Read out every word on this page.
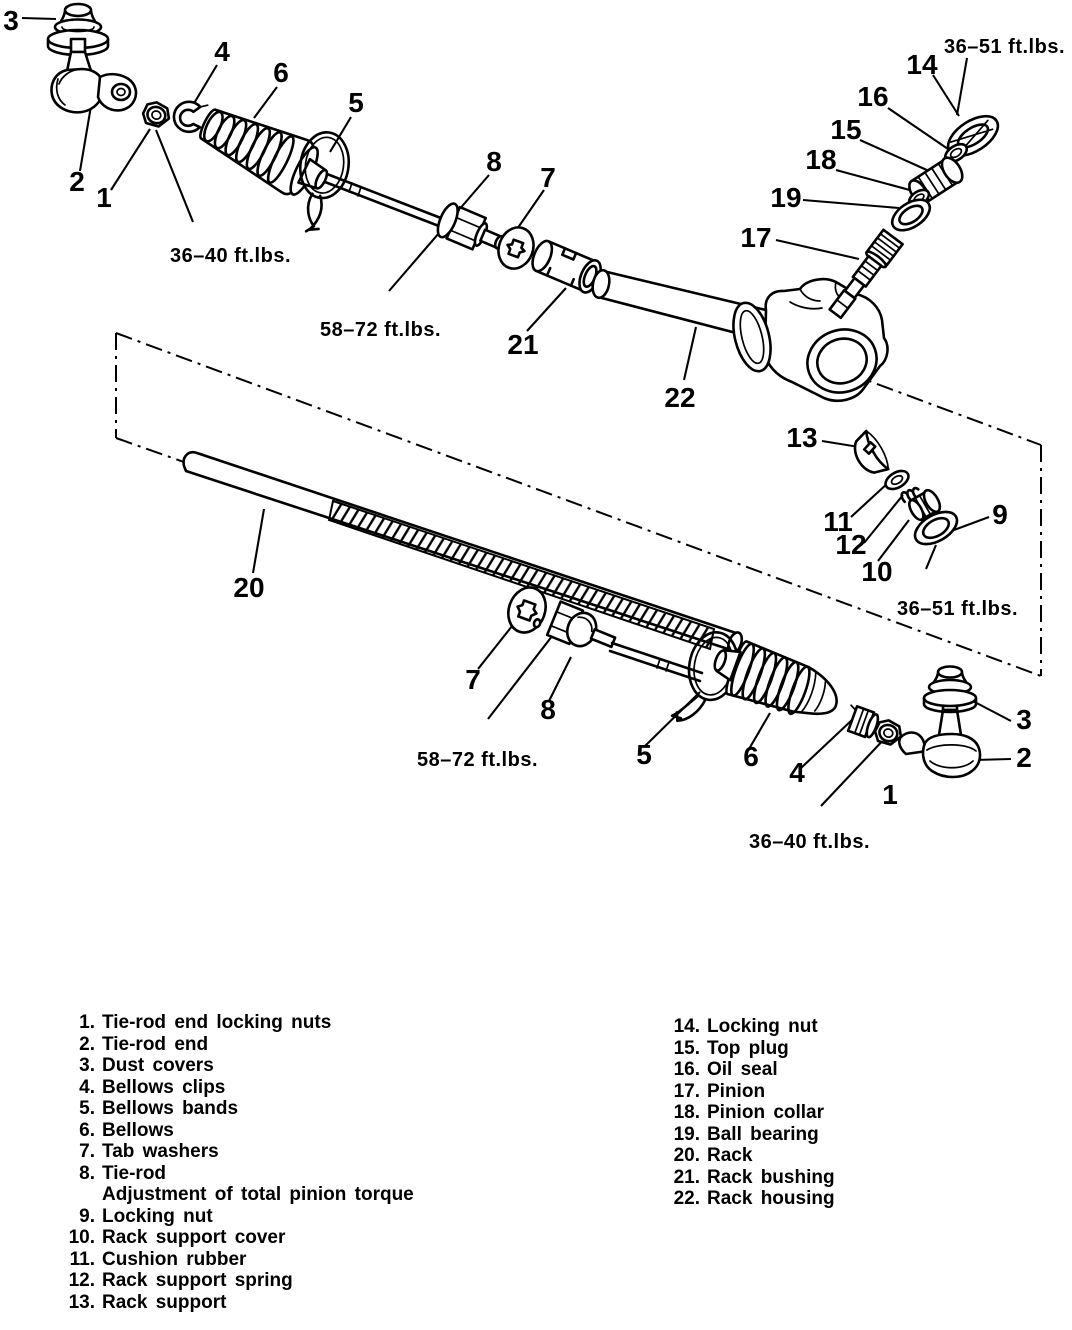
3
2
1
4
6
5
8
7
21
22
14
16
15
18
19
17
13
11
12
10
9
20
7
8
5	6
4
1
3
2
36–40 ft.lbs.
58–72 ft.lbs.
36–51 ft.lbs.
36–51 ft.lbs.
58–72 ft.lbs.
36–40 ft.lbs.
1. Tie-rod end locking nuts
2. Tie-rod end
3. Dust covers
4. Bellows clips
5. Bellows bands
6. Bellows
7. Tab washers
8. Tie-rod
Adjustment of total pinion torque
9. Locking nut
10. Rack support cover
11. Cushion rubber
12. Rack support spring
13. Rack support
14. Locking nut
15. Top plug
16. Oil seal
17. Pinion
18. Pinion collar
19. Ball bearing
20. Rack
21. Rack bushing
22. Rack housing
